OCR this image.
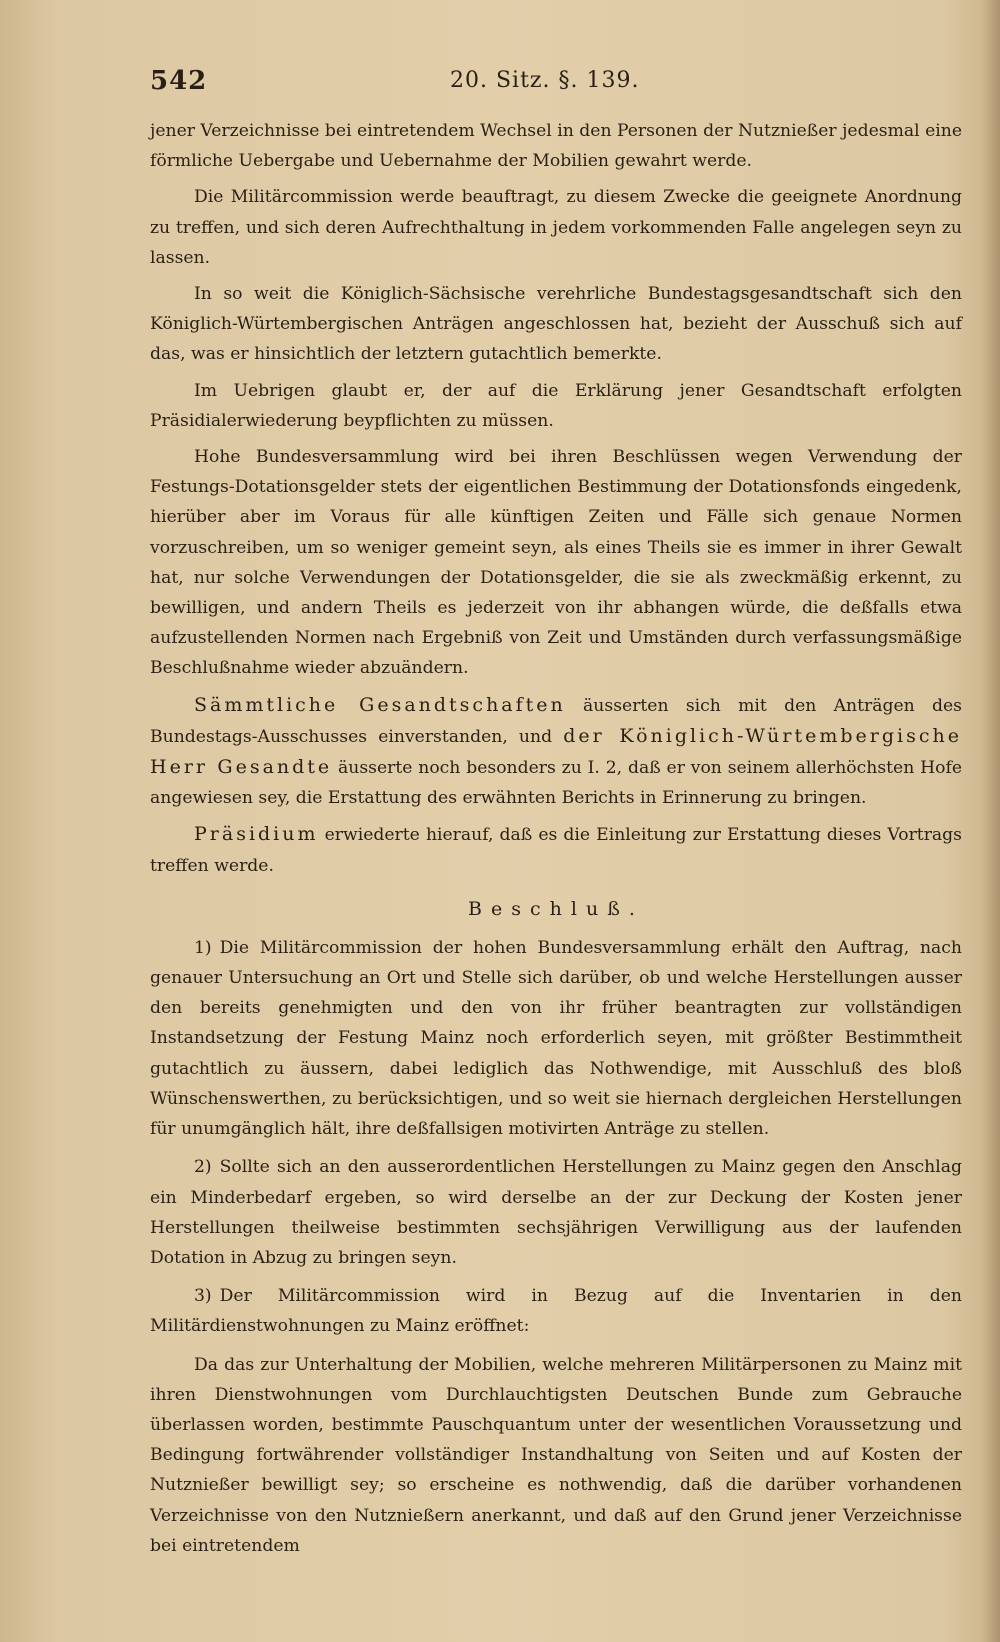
542	20. Sitz. §. 139.

jener Verzeichnisse bei eintretendem Wechsel in den Personen der Nutznießer jedesmal eine förmliche Uebergabe und Uebernahme der Mobilien gewahrt werde.

Die Militärcommission werde beauftragt, zu diesem Zwecke die geeignete Anordnung zu treffen, und sich deren Aufrechthaltung in jedem vorkommenden Falle angelegen seyn zu lassen.

In so weit die Königlich-Sächsische verehrliche Bundestagsgesandtschaft sich den Königlich-Würtembergischen Anträgen angeschlossen hat, bezieht der Ausschuß sich auf das, was er hinsichtlich der letztern gutachtlich bemerkte.

Im Uebrigen glaubt er, der auf die Erklärung jener Gesandtschaft erfolgten Präsidialerwiederung beypflichten zu müssen.

Hohe Bundesversammlung wird bei ihren Beschlüssen wegen Verwendung der Festungs-Dotationsgelder stets der eigentlichen Bestimmung der Dotationsfonds eingedenk, hierüber aber im Voraus für alle künftigen Zeiten und Fälle sich genaue Normen vorzuschreiben, um so weniger gemeint seyn, als eines Theils sie es immer in ihrer Gewalt hat, nur solche Verwendungen der Dotationsgelder, die sie als zweckmäßig erkennt, zu bewilligen, und andern Theils es jederzeit von ihr abhangen würde, die deßfalls etwa aufzustellenden Normen nach Ergebniß von Zeit und Umständen durch verfassungsmäßige Beschlußnahme wieder abzuändern.

Sämmtliche Gesandtschaften äusserten sich mit den Anträgen des Bundestags-Ausschusses einverstanden, und der Königlich-Würtembergische Herr Gesandte äusserte noch besonders zu I. 2, daß er von seinem allerhöchsten Hofe angewiesen sey, die Erstattung des erwähnten Berichts in Erinnerung zu bringen.

Präsidium erwiederte hierauf, daß es die Einleitung zur Erstattung dieses Vortrags treffen werde.

Beschluß.

1) Die Militärcommission der hohen Bundesversammlung erhält den Auftrag, nach genauer Untersuchung an Ort und Stelle sich darüber, ob und welche Herstellungen ausser den bereits genehmigten und den von ihr früher beantragten zur vollständigen Instandsetzung der Festung Mainz noch erforderlich seyen, mit größter Bestimmtheit gutachtlich zu äussern, dabei lediglich das Nothwendige, mit Ausschluß des bloß Wünschenswerthen, zu berücksichtigen, und so weit sie hiernach dergleichen Herstellungen für unumgänglich hält, ihre deßfallsigen motivirten Anträge zu stellen.

2) Sollte sich an den ausserordentlichen Herstellungen zu Mainz gegen den Anschlag ein Minderbedarf ergeben, so wird derselbe an der zur Deckung der Kosten jener Herstellungen theilweise bestimmten sechsjährigen Verwilligung aus der laufenden Dotation in Abzug zu bringen seyn.

3) Der Militärcommission wird in Bezug auf die Inventarien in den Militärdienstwohnungen zu Mainz eröffnet:

Da das zur Unterhaltung der Mobilien, welche mehreren Militärpersonen zu Mainz mit ihren Dienstwohnungen vom Durchlauchtigsten Deutschen Bunde zum Gebrauche überlassen worden, bestimmte Pauschquantum unter der wesentlichen Voraussetzung und Bedingung fortwährender vollständiger Instandhaltung von Seiten und auf Kosten der Nutznießer bewilligt sey; so erscheine es nothwendig, daß die darüber vorhandenen Verzeichnisse von den Nutznießern anerkannt, und daß auf den Grund jener Verzeichnisse bei eintretendem
